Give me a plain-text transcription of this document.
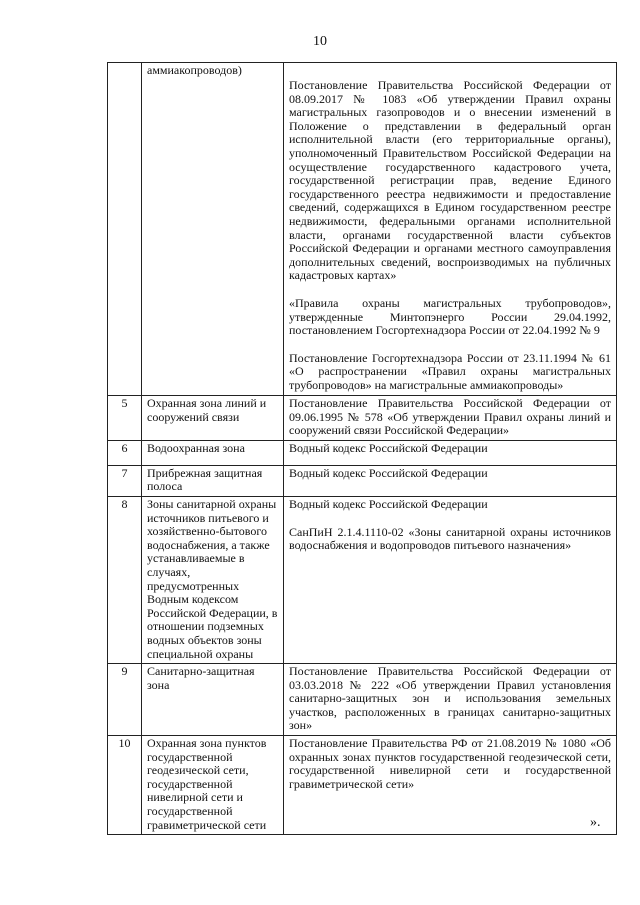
10
	аммиакопроводов)	Постановление Правительства Российской Федерации от 08.09.2017 № 1083 «Об утверждении Правил охраны магистральных газопроводов и о внесении изменений в Положение о представлении в федеральный орган исполнительной власти (его территориальные органы), уполномоченный Правительством Российской Федерации на осуществление государственного кадастрового учета, государственной регистрации прав, ведение Единого государственного реестра недвижимости и предоставление сведений, содержащихся в Едином государственном реестре недвижимости, федеральными органами исполнительной власти, органами государственной власти субъектов Российской Федерации и органами местного самоуправления дополнительных сведений, воспроизводимых на публичных кадастровых картах»

«Правила охраны магистральных трубопроводов», утвержденные Минтопэнерго России 29.04.1992, постановлением Госгортехнадзора России от 22.04.1992 № 9

Постановление Госгортехнадзора России от 23.11.1994 № 61 «О распространении «Правил охраны магистральных трубопроводов» на магистральные аммиакопроводы»

5	Охранная зона линий и сооружений связи	Постановление Правительства Российской Федерации от 09.06.1995 № 578 «Об утверждении Правил охраны линий и сооружений связи Российской Федерации»

6	Водоохранная зона	Водный кодекс Российской Федерации

7	Прибрежная защитная полоса	Водный кодекс Российской Федерации

8	Зоны санитарной охраны источников питьевого и хозяйственно-бытового водоснабжения, а также устанавливаемые в случаях, предусмотренных Водным кодексом Российской Федерации, в отношении подземных водных объектов зоны специальной охраны	Водный кодекс Российской Федерации

СанПиН 2.1.4.1110-02 «Зоны санитарной охраны источников водоснабжения и водопроводов питьевого назначения»

9	Санитарно-защитная зона	Постановление Правительства Российской Федерации от 03.03.2018 № 222 «Об утверждении Правил установления санитарно-защитных зон и использования земельных участков, расположенных в границах санитарно-защитных зон»

10	Охранная зона пунктов государственной геодезической сети, государственной нивелирной сети и государственной гравиметрической сети	Постановление Правительства РФ от 21.08.2019 № 1080 «Об охранных зонах пунктов государственной геодезической сети, государственной нивелирной сети и государственной гравиметрической сети»

».
